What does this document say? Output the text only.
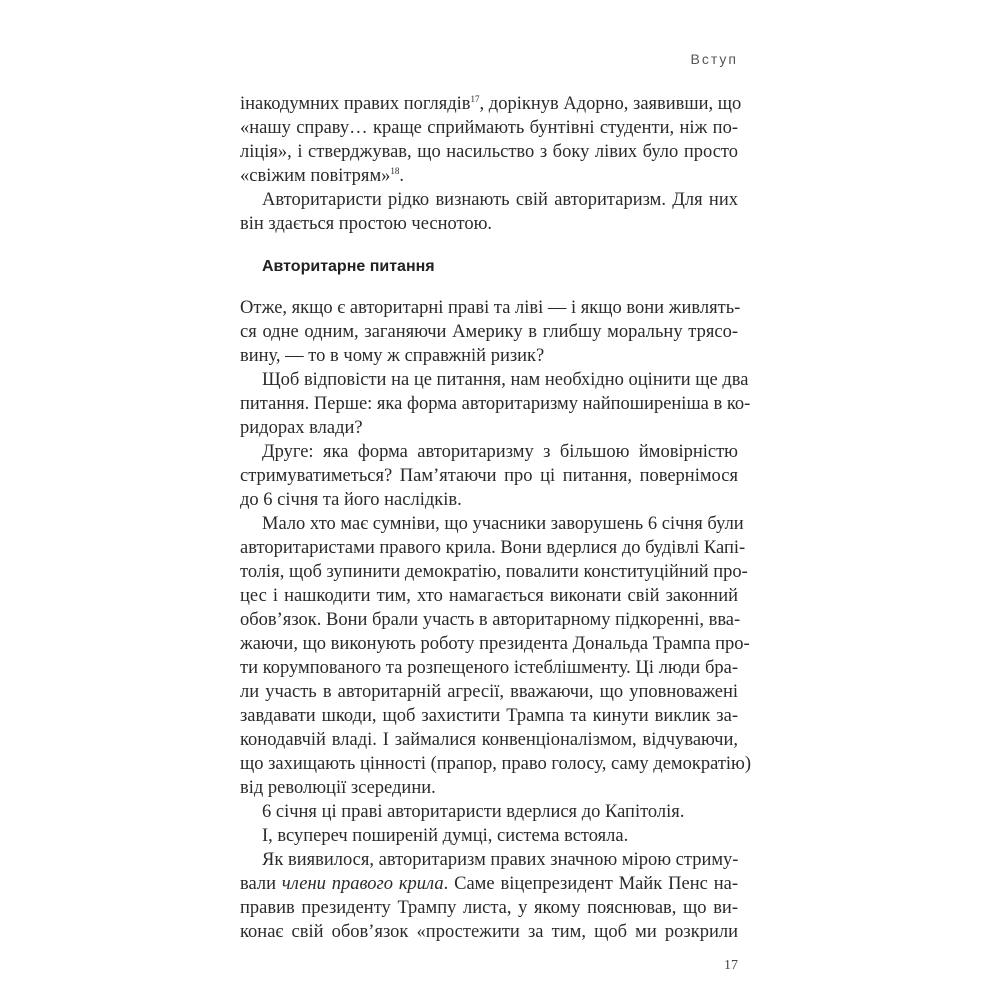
Вступ
інакодумних правих поглядів$^{17}$, дорікнув Адорно, заявивши, що
«нашу справу… краще сприймають бунтівні студенти, ніж по-
ліція», і стверджував, що насильство з боку лівих було просто
«свіжим повітрям»$^{18}$.
Авторитаристи рідко визнають свій авторитаризм. Для них
він здається простою чеснотою.
Авторитарне питання
Отже, якщо є авторитарні праві та ліві — і якщо вони живлять-
ся одне одним, заганяючи Америку в глибшу моральну трясо-
вину, — то в чому ж справжній ризик?
Щоб відповісти на це питання, нам необхідно оцінити ще два
питання. Перше: яка форма авторитаризму найпоширеніша в ко-
ридорах влади?
Друге: яка форма авторитаризму з більшою ймовірністю
стримуватиметься? Пам’ятаючи про ці питання, повернімося
до 6 січня та його наслідків.
Мало хто має сумніви, що учасники заворушень 6 січня були
авторитаристами правого крила. Вони вдерлися до будівлі Капі-
толія, щоб зупинити демократію, повалити конституційний про-
цес і нашкодити тим, хто намагається виконати свій законний
обов’язок. Вони брали участь в авторитарному підкоренні, вва-
жаючи, що виконують роботу президента Дональда Трампа про-
ти корумпованого та розпещеного істеблішменту. Ці люди бра-
ли участь в авторитарній агресії, вважаючи, що уповноважені
завдавати шкоди, щоб захистити Трампа та кинути виклик за-
конодавчій владі. І займалися конвенціоналізмом, відчуваючи,
що захищають цінності (прапор, право голосу, саму демократію)
від революції зсередини.
6 січня ці праві авторитаристи вдерлися до Капітолія.
І, всупереч поширеній думці, система встояла.
Як виявилося, авторитаризм правих значною мірою стриму-
вали члени правого крила. Саме віцепрезидент Майк Пенс на-
правив президенту Трампу листа, у якому пояснював, що ви-
конає свій обов’язок «простежити за тим, щоб ми розкрили
17
